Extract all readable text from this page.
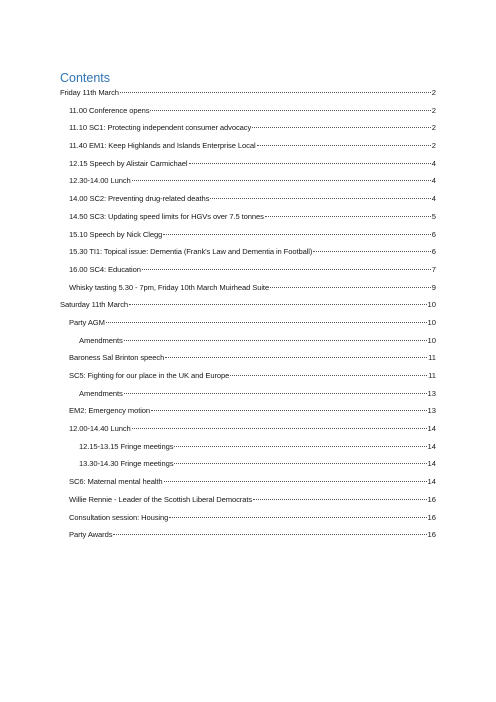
Contents
Friday 11th March	2
11.00 Conference opens	2
11.10 SC1: Protecting independent consumer advocacy	2
11.40 EM1: Keep Highlands and Islands Enterprise Local	2
12.15 Speech by Alistair Carmichael	4
12.30-14.00 Lunch	4
14.00 SC2: Preventing drug-related deaths	4
14.50 SC3: Updating speed limits for HGVs over 7.5 tonnes	5
15.10 Speech by Nick Clegg	6
15.30 TI1: Topical issue: Dementia (Frank's Law and Dementia in Football)	6
16.00 SC4: Education	7
Whisky tasting 5.30 - 7pm, Friday 10th March Muirhead Suite	9
Saturday 11th March	10
Party AGM	10
Amendments	10
Baroness Sal Brinton speech	11
SC5: Fighting for our place in the UK and Europe	11
Amendments	13
EM2: Emergency motion	13
12.00-14.40 Lunch	14
12.15-13.15 Fringe meetings	14
13.30-14.30 Fringe meetings	14
SC6: Maternal mental health	14
Willie Rennie - Leader of the Scottish Liberal Democrats	16
Consultation session: Housing	16
Party Awards	16
